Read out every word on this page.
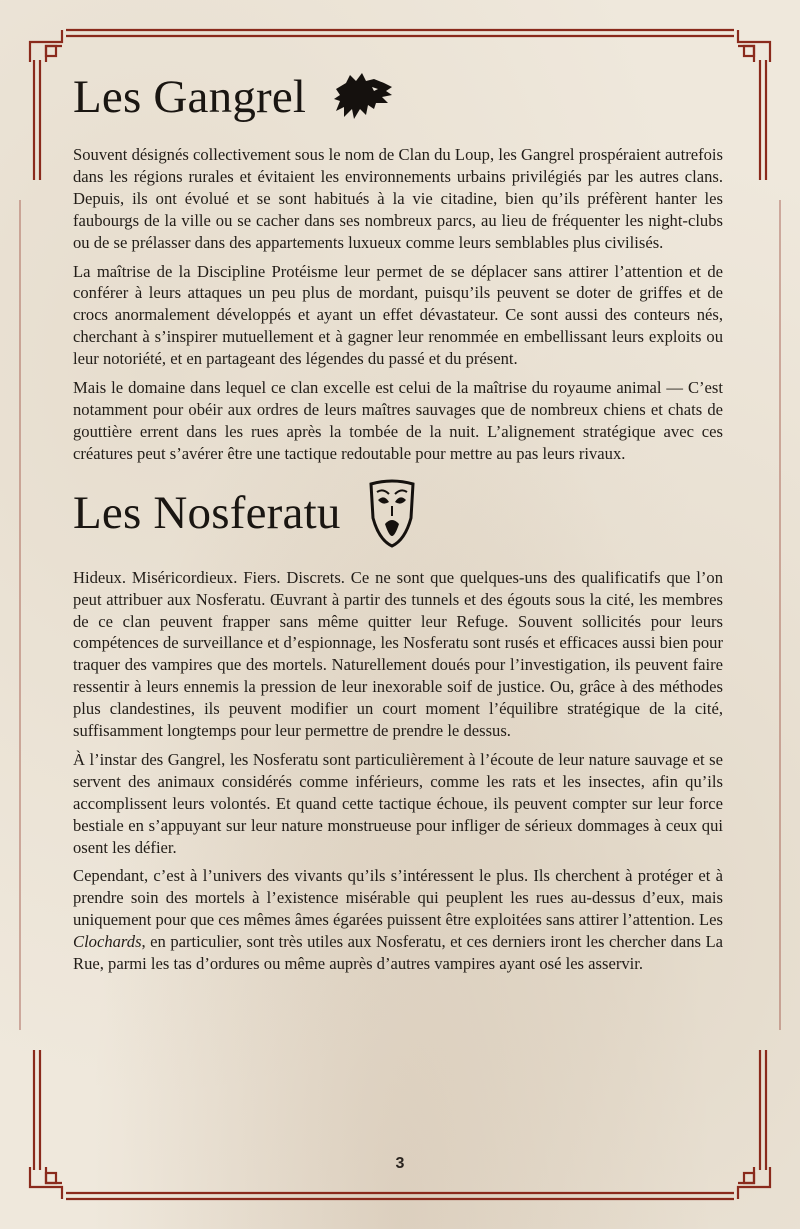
Les Gangrel

Souvent désignés collectivement sous le nom de Clan du Loup, les Gangrel prospéraient autrefois dans les régions rurales et évitaient les environnements urbains privilégiés par les autres clans. Depuis, ils ont évolué et se sont habitués à la vie citadine, bien qu’ils préfèrent hanter les faubourgs de la ville ou se cacher dans ses nombreux parcs, au lieu de fréquenter les night-clubs ou de se prélasser dans des appartements luxueux comme leurs semblables plus civilisés.

La maîtrise de la Discipline Protéisme leur permet de se déplacer sans attirer l’attention et de conférer à leurs attaques un peu plus de mordant, puisqu’ils peuvent se doter de griffes et de crocs anormalement développés et ayant un effet dévastateur. Ce sont aussi des conteurs nés, cherchant à s’inspirer mutuellement et à gagner leur renommée en embellissant leurs exploits ou leur notoriété, et en partageant des légendes du passé et du présent.

Mais le domaine dans lequel ce clan excelle est celui de la maîtrise du royaume animal — C’est notamment pour obéir aux ordres de leurs maîtres sauvages que de nombreux chiens et chats de gouttière errent dans les rues après la tombée de la nuit. L’alignement stratégique avec ces créatures peut s’avérer être une tactique redoutable pour mettre au pas leurs rivaux.

Les Nosferatu

Hideux. Miséricordieux. Fiers. Discrets. Ce ne sont que quelques-uns des qualificatifs que l’on peut attribuer aux Nosferatu. Œuvrant à partir des tunnels et des égouts sous la cité, les membres de ce clan peuvent frapper sans même quitter leur Refuge. Souvent sollicités pour leurs compétences de surveillance et d’espionnage, les Nosferatu sont rusés et efficaces aussi bien pour traquer des vampires que des mortels. Naturellement doués pour l’investigation, ils peuvent faire ressentir à leurs ennemis la pression de leur inexorable soif de justice. Ou, grâce à des méthodes plus clandestines, ils peuvent modifier un court moment l’équilibre stratégique de la cité, suffisamment longtemps pour leur permettre de prendre le dessus.

À l’instar des Gangrel, les Nosferatu sont particulièrement à l’écoute de leur nature sauvage et se servent des animaux considérés comme inférieurs, comme les rats et les insectes, afin qu’ils accomplissent leurs volontés. Et quand cette tactique échoue, ils peuvent compter sur leur force bestiale en s’appuyant sur leur nature monstrueuse pour infliger de sérieux dommages à ceux qui osent les défier.

Cependant, c’est à l’univers des vivants qu’ils s’intéressent le plus. Ils cherchent à protéger et à prendre soin des mortels à l’existence misérable qui peuplent les rues au-dessus d’eux, mais uniquement pour que ces mêmes âmes égarées puissent être exploitées sans attirer l’attention. Les Clochards, en particulier, sont très utiles aux Nosferatu, et ces derniers iront les chercher dans La Rue, parmi les tas d’ordures ou même auprès d’autres vampires ayant osé les asservir.

3
